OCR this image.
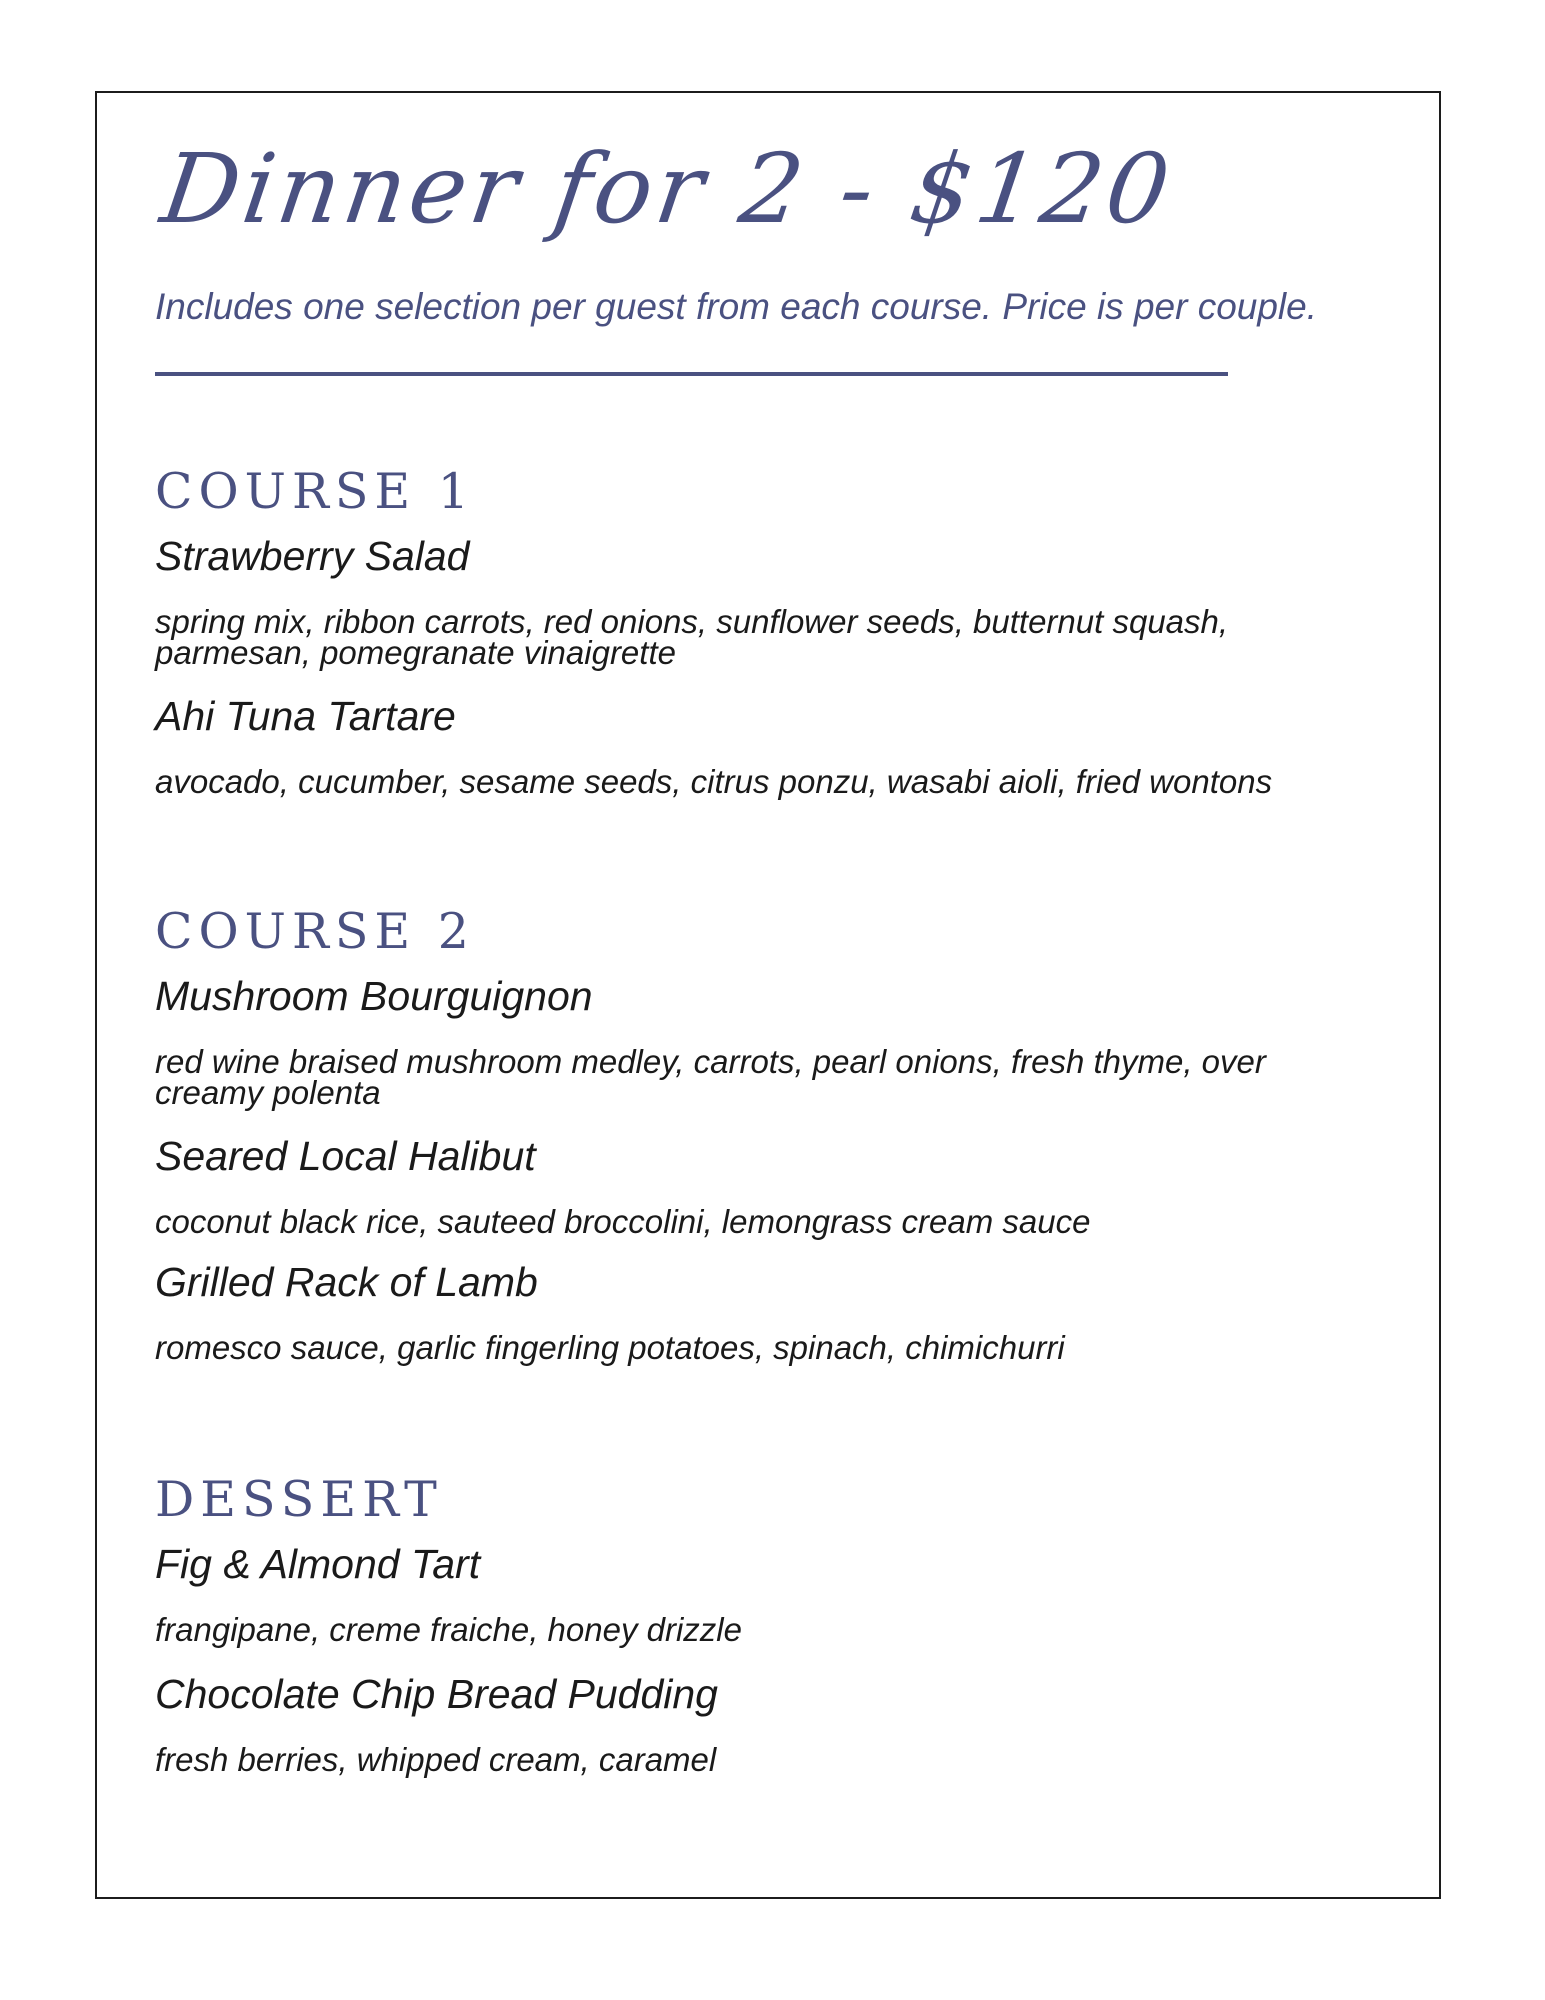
Dinner for 2 - $120
Includes one selection per guest from each course. Price is per couple.
COURSE 1
Strawberry Salad
spring mix, ribbon carrots, red onions, sunflower seeds, butternut squash, parmesan, pomegranate vinaigrette
Ahi Tuna Tartare
avocado, cucumber, sesame seeds, citrus ponzu, wasabi aioli, fried wontons
COURSE 2
Mushroom Bourguignon
red wine braised mushroom medley, carrots, pearl onions, fresh thyme, over creamy polenta
Seared Local Halibut
coconut black rice, sauteed broccolini, lemongrass cream sauce
Grilled Rack of Lamb
romesco sauce, garlic fingerling potatoes, spinach, chimichurri
DESSERT
Fig & Almond Tart
frangipane, creme fraiche, honey drizzle
Chocolate Chip Bread Pudding
fresh berries, whipped cream, caramel
